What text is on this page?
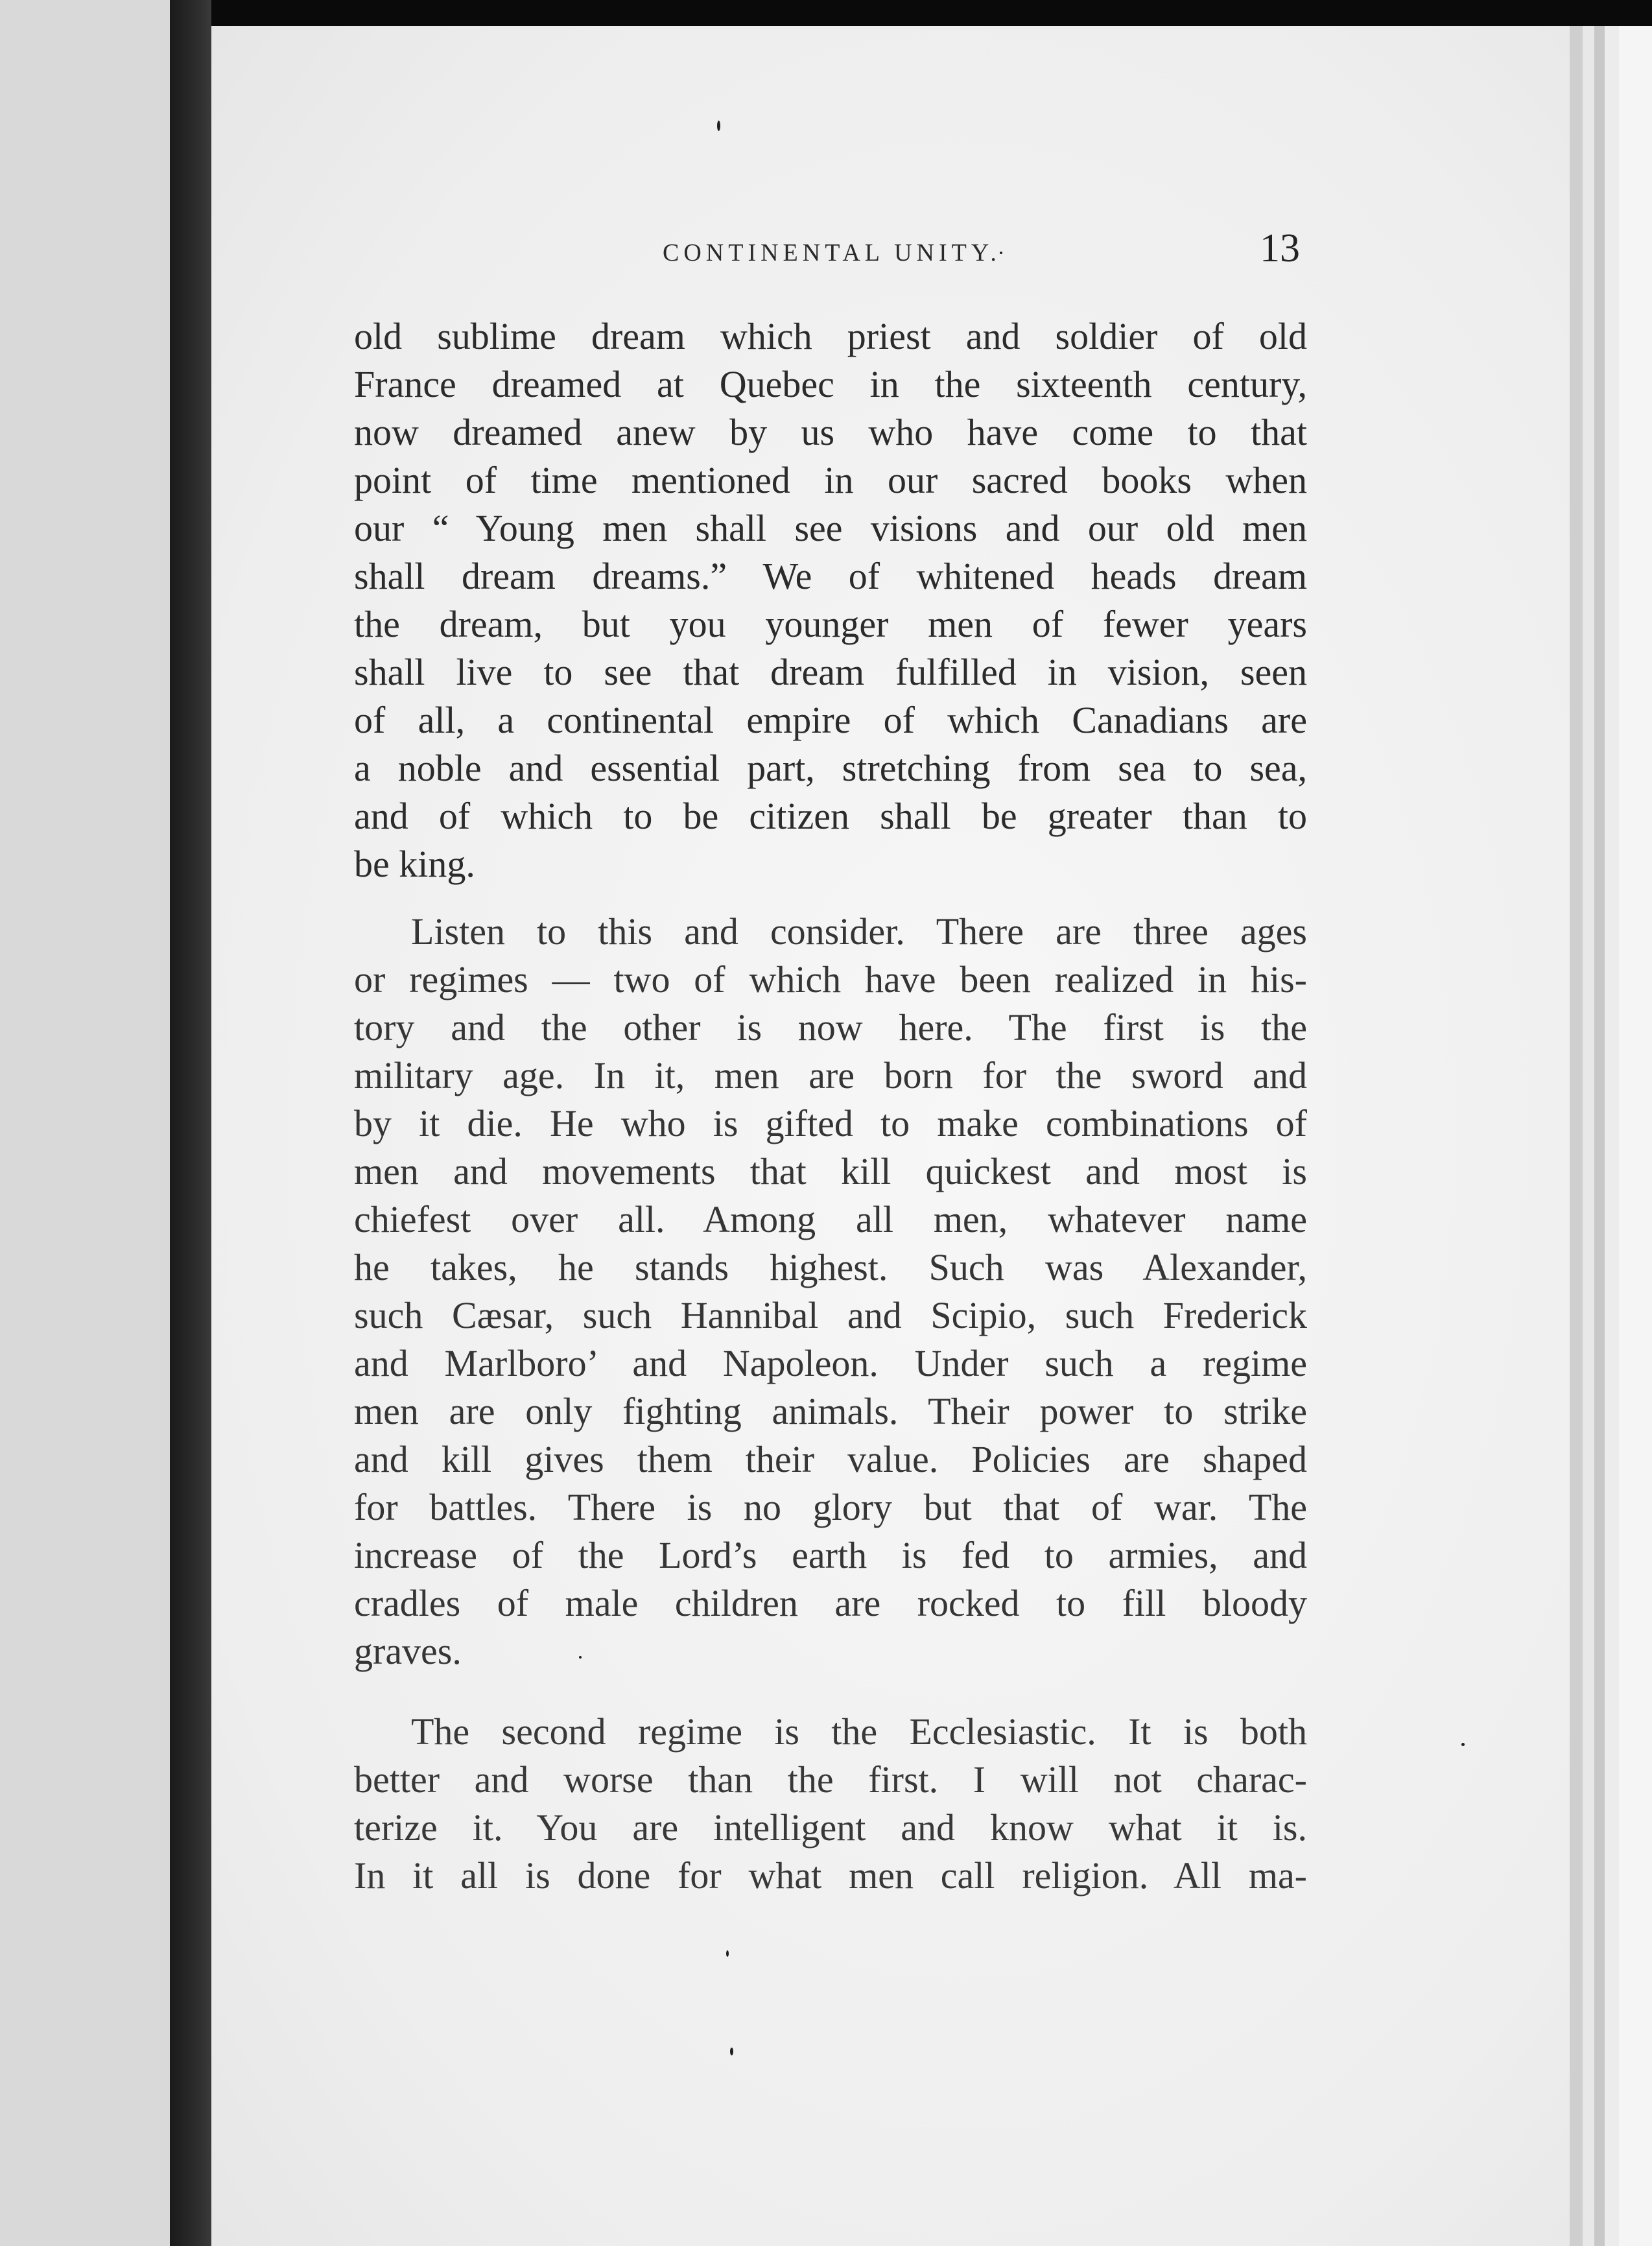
CONTINENTAL UNITY.	13
old sublime dream which priest and soldier of old
France dreamed at Quebec in the sixteenth century,
now dreamed anew by us who have come to that
point of time mentioned in our sacred books when
our “ Young men shall see visions and our old men
shall dream dreams.” We of whitened heads dream
the dream, but you younger men of fewer years
shall live to see that dream fulfilled in vision, seen
of all, a continental empire of which Canadians are
a noble and essential part, stretching from sea to sea,
and of which to be citizen shall be greater than to
be king.
Listen to this and consider. There are three ages
or regimes — two of which have been realized in his-
tory and the other is now here. The first is the
military age. In it, men are born for the sword and
by it die. He who is gifted to make combinations of
men and movements that kill quickest and most is
chiefest over all. Among all men, whatever name
he takes, he stands highest. Such was Alexander,
such Cæsar, such Hannibal and Scipio, such Frederick
and Marlboro’ and Napoleon. Under such a regime
men are only fighting animals. Their power to strike
and kill gives them their value. Policies are shaped
for battles. There is no glory but that of war. The
increase of the Lord’s earth is fed to armies, and
cradles of male children are rocked to fill bloody
graves.
The second regime is the Ecclesiastic. It is both
better and worse than the first. I will not charac-
terize it. You are intelligent and know what it is.
In it all is done for what men call religion. All ma-
